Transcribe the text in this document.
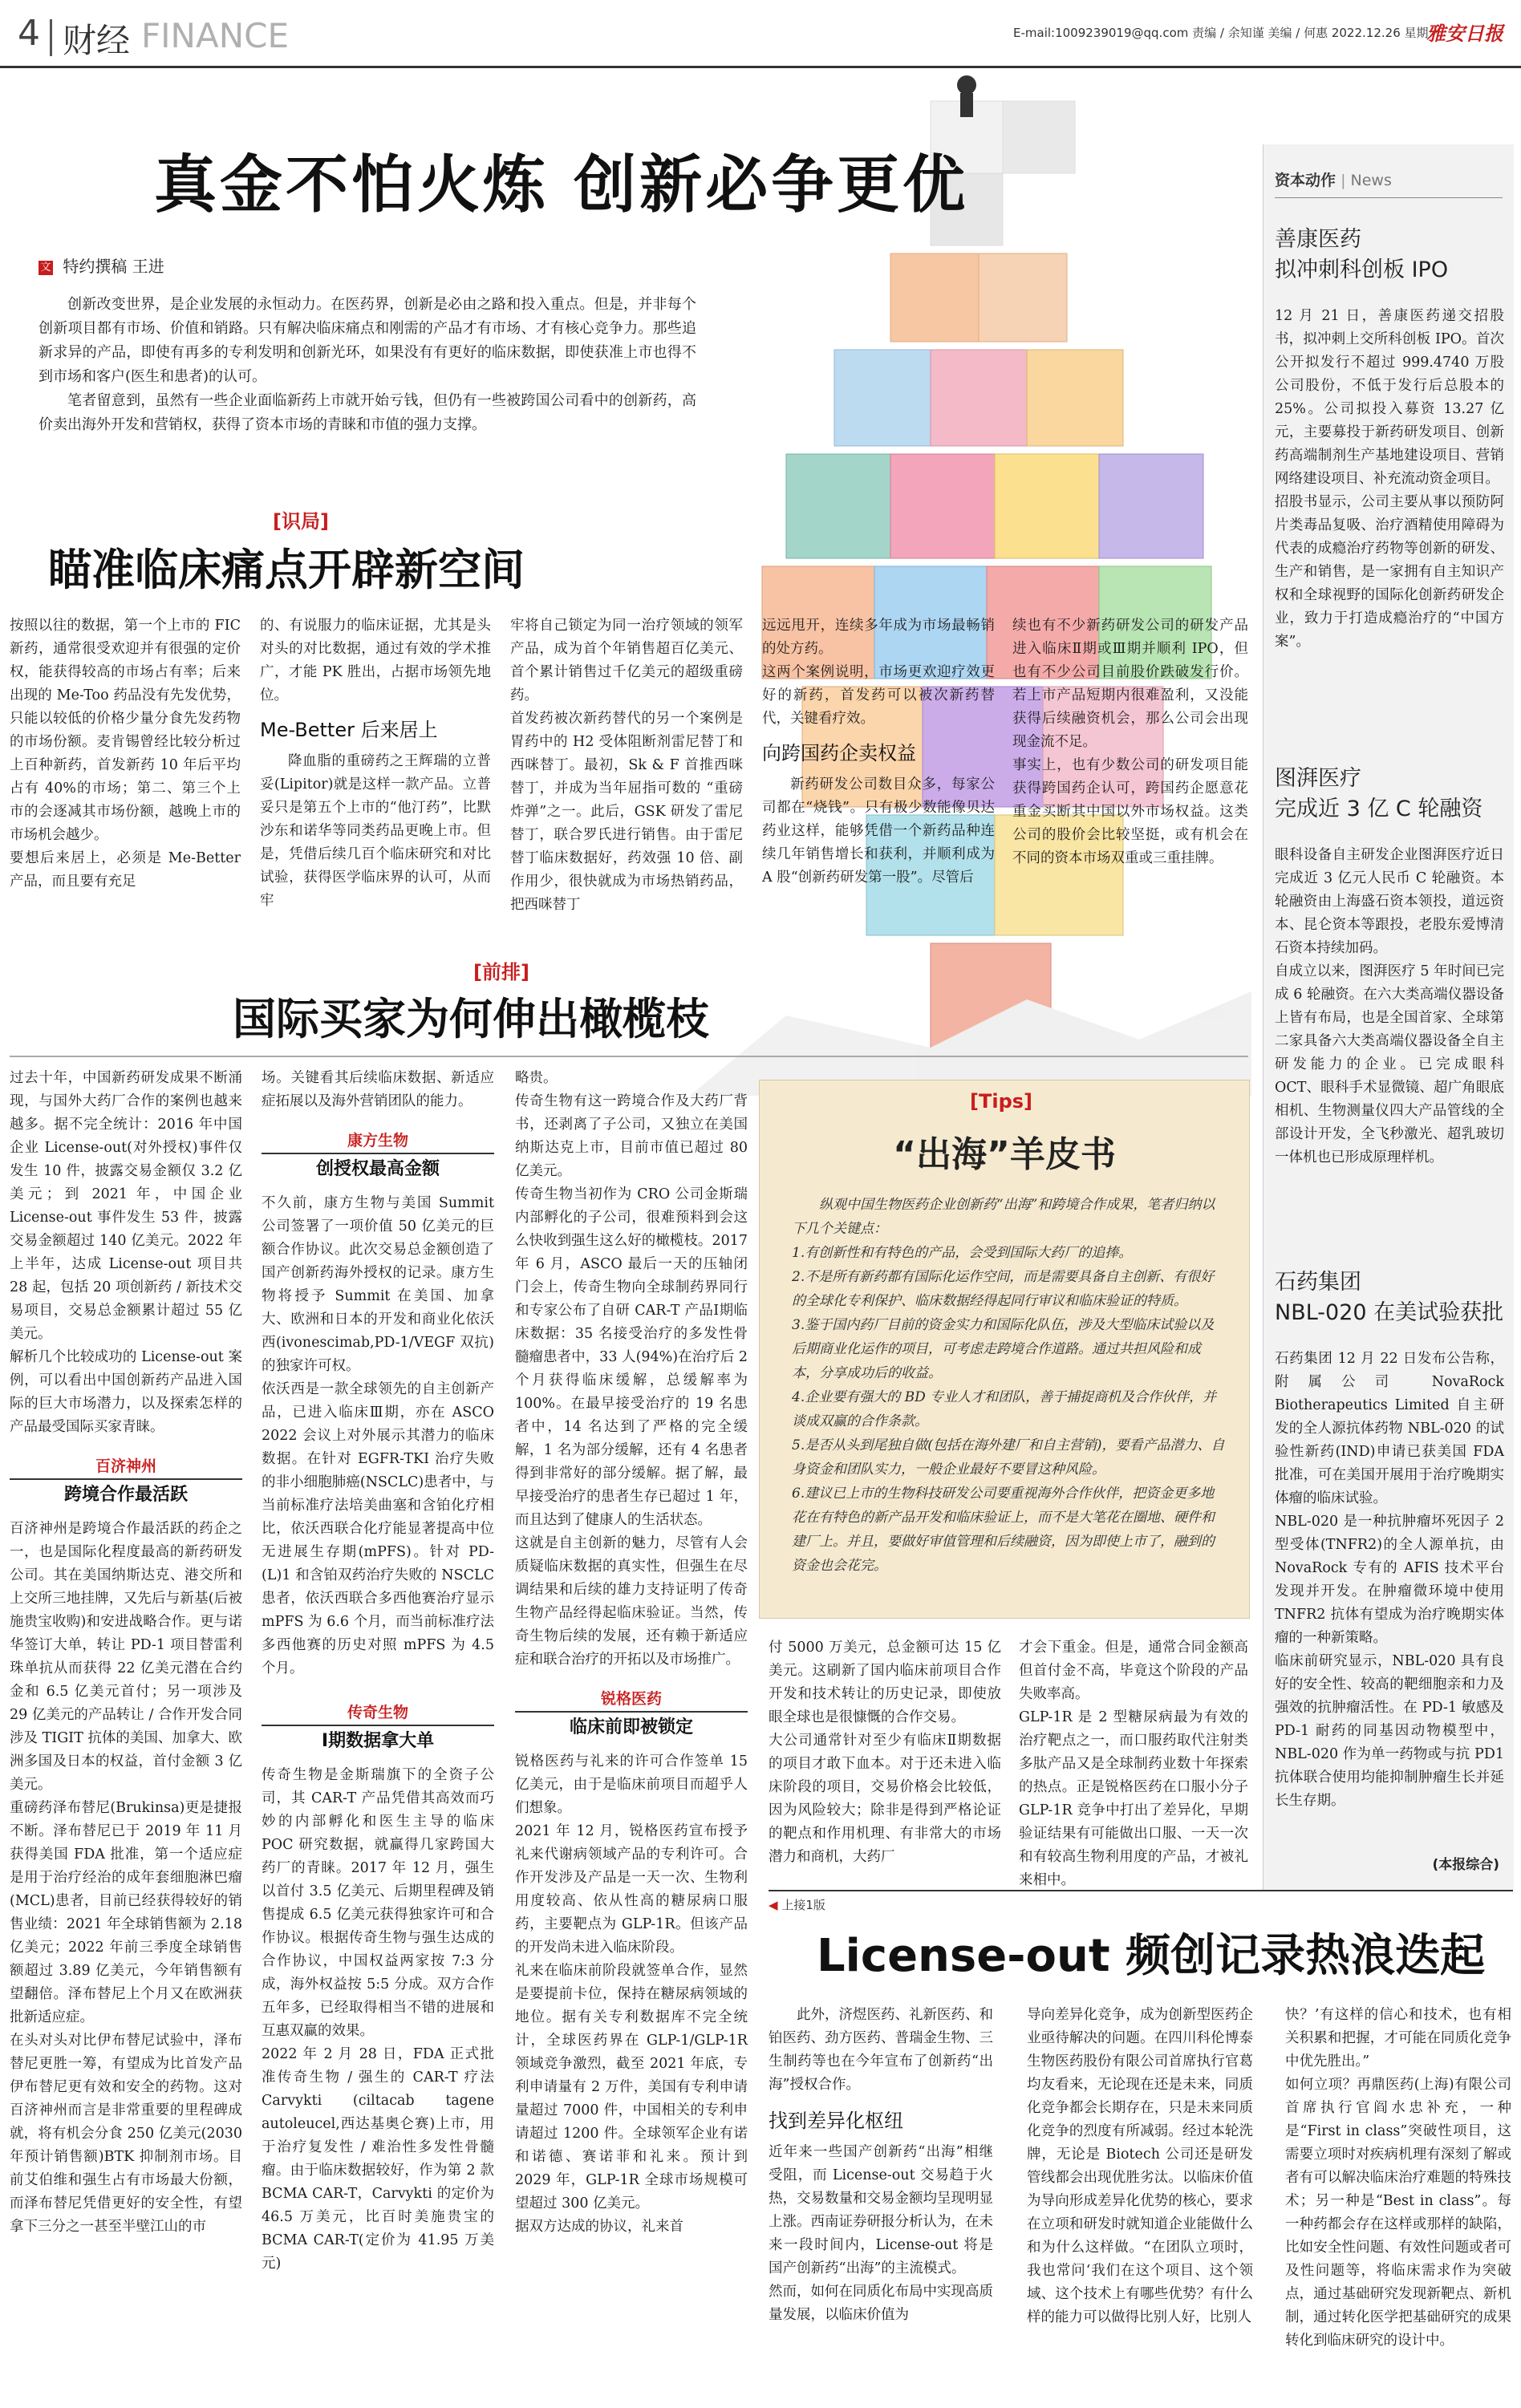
4 财经 FINANCE	E-mail:1009239019@qq.com 责编 / 余知谨 美编 / 何惠 2022.12.26 星期一
雅安日报
真金不怕火炼 创新必争更优
文 特约撰稿 王进

创新改变世界，是企业发展的永恒动力。在医药界，创新是必由之路和投入重点。但是，并非每个创新项目都有市场、价值和销路。只有解决临床痛点和刚需的产品才有市场、才有核心竞争力。那些追新求异的产品，即使有再多的专利发明和创新光环，如果没有有更好的临床数据，即使获准上市也得不到市场和客户(医生和患者)的认可。

笔者留意到，虽然有一些企业面临新药上市就开始亏钱，但仍有一些被跨国公司看中的创新药，高价卖出海外开发和营销权，获得了资本市场的青睐和市值的强力支撑。

[识局]
瞄准临床痛点开辟新空间
按照以往的数据，第一个上市的 FIC 新药，通常很受欢迎并有很强的定价权，能获得较高的市场占有率；后来出现的 Me-Too 药品没有先发优势，只能以较低的价格少量分食先发药物的市场份额。麦肯锡曾经比较分析过上百种新药，首发新药 10 年后平均占有 40%的市场；第二、第三个上市的会逐减其市场份额，越晚上市的市场机会越少。
要想后来居上，必须是 Me-Better 产品，而且要有充足
的、有说服力的临床证据，尤其是头对头的对比数据，通过有效的学术推广，才能 PK 胜出，占据市场领先地位。
Me-Better 后来居上
降血脂的重磅药之王辉瑞的立普妥(Lipitor)就是这样一款产品。立普妥只是第五个上市的“他汀药”，比默沙东和诺华等同类药品更晚上市。但是，凭借后续几百个临床研究和对比试验，获得医学临床界的认可，从而牢
牢将自己锁定为同一治疗领域的领军产品，成为首个年销售超百亿美元、首个累计销售过千亿美元的超级重磅药。
首发药被次新药替代的另一个案例是胃药中的 H2 受体阻断剂雷尼替丁和西咪替丁。最初，Sk & F 首推西咪替丁，并成为当年屈指可数的 “重磅炸弹”之一。此后，GSK 研发了雷尼替丁，联合罗氏进行销售。由于雷尼替丁临床数据好，药效强 10 倍、副作用少，很快就成为市场热销药品，把西咪替丁
远远甩开，连续多年成为市场最畅销的处方药。
这两个案例说明，市场更欢迎疗效更好的新药，首发药可以被次新药替代，关键看疗效。
向跨国药企卖权益
新药研发公司数目众多，每家公司都在“烧钱”。只有极少数能像贝达药业这样，能够凭借一个新药品种连续几年销售增长和获利，并顺利成为 A 股“创新药研发第一股”。尽管后
续也有不少新药研发公司的研发产品进入临床Ⅱ期或Ⅲ期并顺利 IPO，但也有不少公司目前股价跌破发行价。若上市产品短期内很难盈利，又没能获得后续融资机会，那么公司会出现现金流不足。
事实上，也有少数公司的研发项目能获得跨国药企认可，跨国药企愿意花重金买断其中国以外市场权益。这类公司的股价会比较坚挺，或有机会在不同的资本市场双重或三重挂牌。
[前排]
国际买家为何伸出橄榄枝
过去十年，中国新药研发成果不断涌现，与国外大药厂合作的案例也越来越多。据不完全统计：2016 年中国企业 License-out(对外授权)事件仅发生 10 件，披露交易金额仅 3.2 亿美元；到 2021 年，中国企业 License-out 事件发生 53 件，披露交易金额超过 140 亿美元。2022 年上半年，达成 License-out 项目共 28 起，包括 20 项创新药 / 新技术交易项目，交易总金额累计超过 55 亿美元。
解析几个比较成功的 License-out 案例，可以看出中国创新药产品进入国际的巨大市场潜力，以及探索怎样的产品最受国际买家青睐。
百济神州
跨境合作最活跃
百济神州是跨境合作最活跃的药企之一，也是国际化程度最高的新药研发公司。其在美国纳斯达克、港交所和上交所三地挂牌，又先后与新基(后被施贵宝收购)和安进战略合作。更与诺华签订大单，转让 PD-1 项目替雷利珠单抗从而获得 22 亿美元潜在合约金和 6.5 亿美元首付；另一项涉及 29 亿美元的产品转让 / 合作开发合同涉及 TIGIT 抗体的美国、加拿大、欧洲多国及日本的权益，首付金额 3 亿美元。
重磅药泽布替尼(Brukinsa)更是捷报不断。泽布替尼已于 2019 年 11 月获得美国 FDA 批准，第一个适应症是用于治疗经治的成年套细胞淋巴瘤(MCL)患者，目前已经获得较好的销售业绩：2021 年全球销售额为 2.18 亿美元；2022 年前三季度全球销售额超过 3.89 亿美元，今年销售额有望翻倍。泽布替尼上个月又在欧洲获批新适应症。
在头对头对比伊布替尼试验中，泽布替尼更胜一筹，有望成为比首发产品伊布替尼更有效和安全的药物。这对百济神州而言是非常重要的里程碑成就，将有机会分食 250 亿美元(2030 年预计销售额)BTK 抑制剂市场。目前艾伯维和强生占有市场最大份额，而泽布替尼凭借更好的安全性，有望拿下三分之一甚至半壁江山的市
场。关键看其后续临床数据、新适应症拓展以及海外营销团队的能力。
康方生物
创授权最高金额
不久前，康方生物与美国 Summit 公司签署了一项价值 50 亿美元的巨额合作协议。此次交易总金额创造了国产创新药海外授权的记录。康方生物将授予 Summit 在美国、加拿大、欧洲和日本的开发和商业化依沃西(ivonescimab,PD-1/VEGF 双抗)的独家许可权。
依沃西是一款全球领先的自主创新产品，已进入临床Ⅲ期，亦在 ASCO 2022 会议上对外展示其潜力的临床数据。在针对 EGFR-TKI 治疗失败的非小细胞肺癌(NSCLC)患者中，与当前标准疗法培美曲塞和含铂化疗相比，依沃西联合化疗能显著提高中位无进展生存期(mPFS)。针对 PD-(L)1 和含铂双药治疗失败的 NSCLC 患者，依沃西联合多西他赛治疗显示 mPFS 为 6.6 个月，而当前标准疗法多西他赛的历史对照 mPFS 为 4.5 个月。
传奇生物
Ⅰ期数据拿大单
传奇生物是金斯瑞旗下的全资子公司，其 CAR-T 产品凭借其高效而巧妙的内部孵化和医生主导的临床 POC 研究数据，就赢得几家跨国大药厂的青睐。2017 年 12 月，强生以首付 3.5 亿美元、后期里程碑及销售提成 6.5 亿美元获得独家许可和合作协议。根据传奇生物与强生达成的合作协议，中国权益两家按 7:3 分成，海外权益按 5:5 分成。双方合作五年多，已经取得相当不错的进展和互惠双赢的效果。
2022 年 2 月 28 日，FDA 正式批准传奇生物 / 强生的 CAR-T 疗法 Carvykti (ciltacab tagene autoleucel,西达基奥仑赛)上市，用于治疗复发性 / 难治性多发性骨髓瘤。由于临床数据较好，作为第 2 款 BCMA CAR-T，Carvykti 的定价为 46.5 万美元，比百时美施贵宝的 BCMA CAR-T(定价为 41.95 万美元)
略贵。
传奇生物有这一跨境合作及大药厂背书，还剥离了子公司，又独立在美国纳斯达克上市，目前市值已超过 80 亿美元。
传奇生物当初作为 CRO 公司金斯瑞内部孵化的子公司，很难预料到会这么快收到强生这么好的橄榄枝。2017 年 6 月，ASCO 最后一天的压轴闭门会上，传奇生物向全球制药界同行和专家公布了自研 CAR-T 产品Ⅰ期临床数据：35 名接受治疗的多发性骨髓瘤患者中，33 人(94%)在治疗后 2 个月获得临床缓解，总缓解率为 100%。在最早接受治疗的 19 名患者中，14 名达到了严格的完全缓解，1 名为部分缓解，还有 4 名患者得到非常好的部分缓解。据了解，最早接受治疗的患者生存已超过 1 年，而且达到了健康人的生活状态。
这就是自主创新的魅力，尽管有人会质疑临床数据的真实性，但强生在尽调结果和后续的雄力支持证明了传奇生物产品经得起临床验证。当然，传奇生物后续的发展，还有赖于新适应症和联合治疗的开拓以及市场推广。
锐格医药
临床前即被锁定
锐格医药与礼来的许可合作签单 15 亿美元，由于是临床前项目而超乎人们想象。
2021 年 12 月，锐格医药宣布授予礼来代谢病领域产品的专利许可。合作开发涉及产品是一天一次、生物利用度较高、依从性高的糖尿病口服药，主要靶点为 GLP-1R。但该产品的开发尚未进入临床阶段。
礼来在临床前阶段就签单合作，显然是要提前卡位，保持在糖尿病领域的地位。据有关专利数据库不完全统计，全球医药界在 GLP-1/GLP-1R 领域竞争激烈，截至 2021 年底，专利申请量有 2 万件，美国有专利申请量超过 7000 件，中国相关的专利申请超过 1200 件。全球领军企业有诺和诺德、赛诺菲和礼来。预计到 2029 年，GLP-1R 全球市场规模可望超过 300 亿美元。
据双方达成的协议，礼来首
[Tips]
“出海”羊皮书

纵观中国生物医药企业创新药“出海”和跨境合作成果，笔者归纳以下几个关键点：

1.有创新性和有特色的产品，会受到国际大药厂的追捧。

2.不是所有新药都有国际化运作空间，而是需要具备自主创新、有很好的全球化专利保护、临床数据经得起同行审议和临床验证的特质。

3.鉴于国内药厂目前的资金实力和国际化队伍，涉及大型临床试验以及后期商业化运作的项目，可考虑走跨境合作道路。通过共担风险和成本，分享成功后的收益。

4.企业要有强大的 BD 专业人才和团队，善于捕捉商机及合作伙伴，并谈成双赢的合作条款。

5.是否从头到尾独自做(包括在海外建厂和自主营销)，要看产品潜力、自身资金和团队实力，一般企业最好不要冒这种风险。

6.建议已上市的生物科技研发公司要重视海外合作伙伴，把资金更多地花在有特色的新产品开发和临床验证上，而不是大笔花在圈地、硬件和建厂上。并且，要做好审值管理和后续融资，因为即使上市了，融到的资金也会花完。

付 5000 万美元，总金额可达 15 亿美元。这刷新了国内临床前项目合作开发和技术转让的历史记录，即使放眼全球也是很慷慨的合作交易。
大公司通常针对至少有临床Ⅱ期数据的项目才敢下血本。对于还未进入临床阶段的项目，交易价格会比较低，因为风险较大；除非是得到严格论证的靶点和作用机理、有非常大的市场潜力和商机，大药厂
才会下重金。但是，通常合同金额高但首付金不高，毕竟这个阶段的产品失败率高。
GLP-1R 是 2 型糖尿病最为有效的治疗靶点之一，而口服药取代注射类多肽产品又是全球制药业数十年探索的热点。正是锐格医药在口服小分子 GLP-1R 竞争中打出了差异化，早期验证结果有可能做出口服、一天一次和有较高生物利用度的产品，才被礼来相中。
◀ 上接1版
License-out 频创记录热浪迭起
此外，济煜医药、礼新医药、和铂医药、劲方医药、普瑞金生物、三生制药等也在今年宣布了创新药“出海”授权合作。
找到差异化枢纽
近年来一些国产创新药“出海”相继受阻，而 License-out 交易趋于火热，交易数量和交易金额均呈现明显上涨。西南证券研报分析认为，在未来一段时间内，License-out 将是国产创新药“出海”的主流模式。
然而，如何在同质化布局中实现高质量发展，以临床价值为
导向差异化竞争，成为创新型医药企业亟待解决的问题。在四川科伦博泰生物医药股份有限公司首席执行官葛均友看来，无论现在还是未来，同质化竞争都会长期存在，只是未来同质化竞争的烈度有所减弱。经过本轮洗牌，无论是 Biotech 公司还是研发管线都会出现优胜劣汰。以临床价值为导向形成差异化优势的核心，要求在立项和研发时就知道企业能做什么和为什么这样做。“在团队立项时，我也常问‘我们在这个项目、这个领域、这个技术上有哪些优势？有什么样的能力可以做得比别人好，比别人
快？’有这样的信心和技术，也有相关积累和把握，才可能在同质化竞争中优先胜出。”
如何立项？再鼎医药(上海)有限公司首席执行官阎水忠补充，一种是“First in class”突破性项目，这需要立项时对疾病机理有深刻了解或者有可以解决临床治疗难题的特殊技术；另一种是“Best in class”。每一种药都会存在这样或那样的缺陷，比如安全性问题、有效性问题或者可及性问题等，将临床需求作为突破点，通过基础研究发现新靶点、新机制，通过转化医学把基础研究的成果转化到临床研究的设计中。
资本动作 | News
善康医药
拟冲刺科创板 IPO
12 月 21 日，善康医药递交招股书，拟冲刺上交所科创板 IPO。首次公开拟发行不超过 999.4740 万股公司股份，不低于发行后总股本的 25%。公司拟投入募资 13.27 亿元，主要募投于新药研发项目、创新药高端制剂生产基地建设项目、营销网络建设项目、补充流动资金项目。
招股书显示，公司主要从事以预防阿片类毒品复吸、治疗酒精使用障碍为代表的成瘾治疗药物等创新的研发、生产和销售，是一家拥有自主知识产权和全球视野的国际化创新药研发企业，致力于打造成瘾治疗的“中国方案”。
图湃医疗
完成近 3 亿 C 轮融资
眼科设备自主研发企业图湃医疗近日完成近 3 亿元人民币 C 轮融资。本轮融资由上海盛石资本领投，道远资本、昆仑资本等跟投，老股东爱博清石资本持续加码。
自成立以来，图湃医疗 5 年时间已完成 6 轮融资。在六大类高端仪器设备上皆有布局，也是全国首家、全球第二家具备六大类高端仪器设备全自主研发能力的企业。已完成眼科 OCT、眼科手术显微镜、超广角眼底相机、生物测量仪四大产品管线的全部设计开发，全飞秒激光、超乳玻切一体机也已形成原理样机。
石药集团
NBL-020 在美试验获批
石药集团 12 月 22 日发布公告称，附属公司 NovaRock Biotherapeutics Limited 自主研发的全人源抗体药物 NBL-020 的试验性新药(IND)申请已获美国 FDA 批准，可在美国开展用于治疗晚期实体瘤的临床试验。
NBL-020 是一种抗肿瘤坏死因子 2 型受体(TNFR2)的全人源单抗，由 NovaRock 专有的 AFIS 技术平台发现并开发。在肿瘤微环境中使用 TNFR2 抗体有望成为治疗晚期实体瘤的一种新策略。
临床前研究显示，NBL-020 具有良好的安全性、较高的靶细胞亲和力及强效的抗肿瘤活性。在 PD-1 敏感及 PD-1 耐药的同基因动物模型中，NBL-020 作为单一药物或与抗 PD1 抗体联合使用均能抑制肿瘤生长并延长生存期。
(本报综合)
